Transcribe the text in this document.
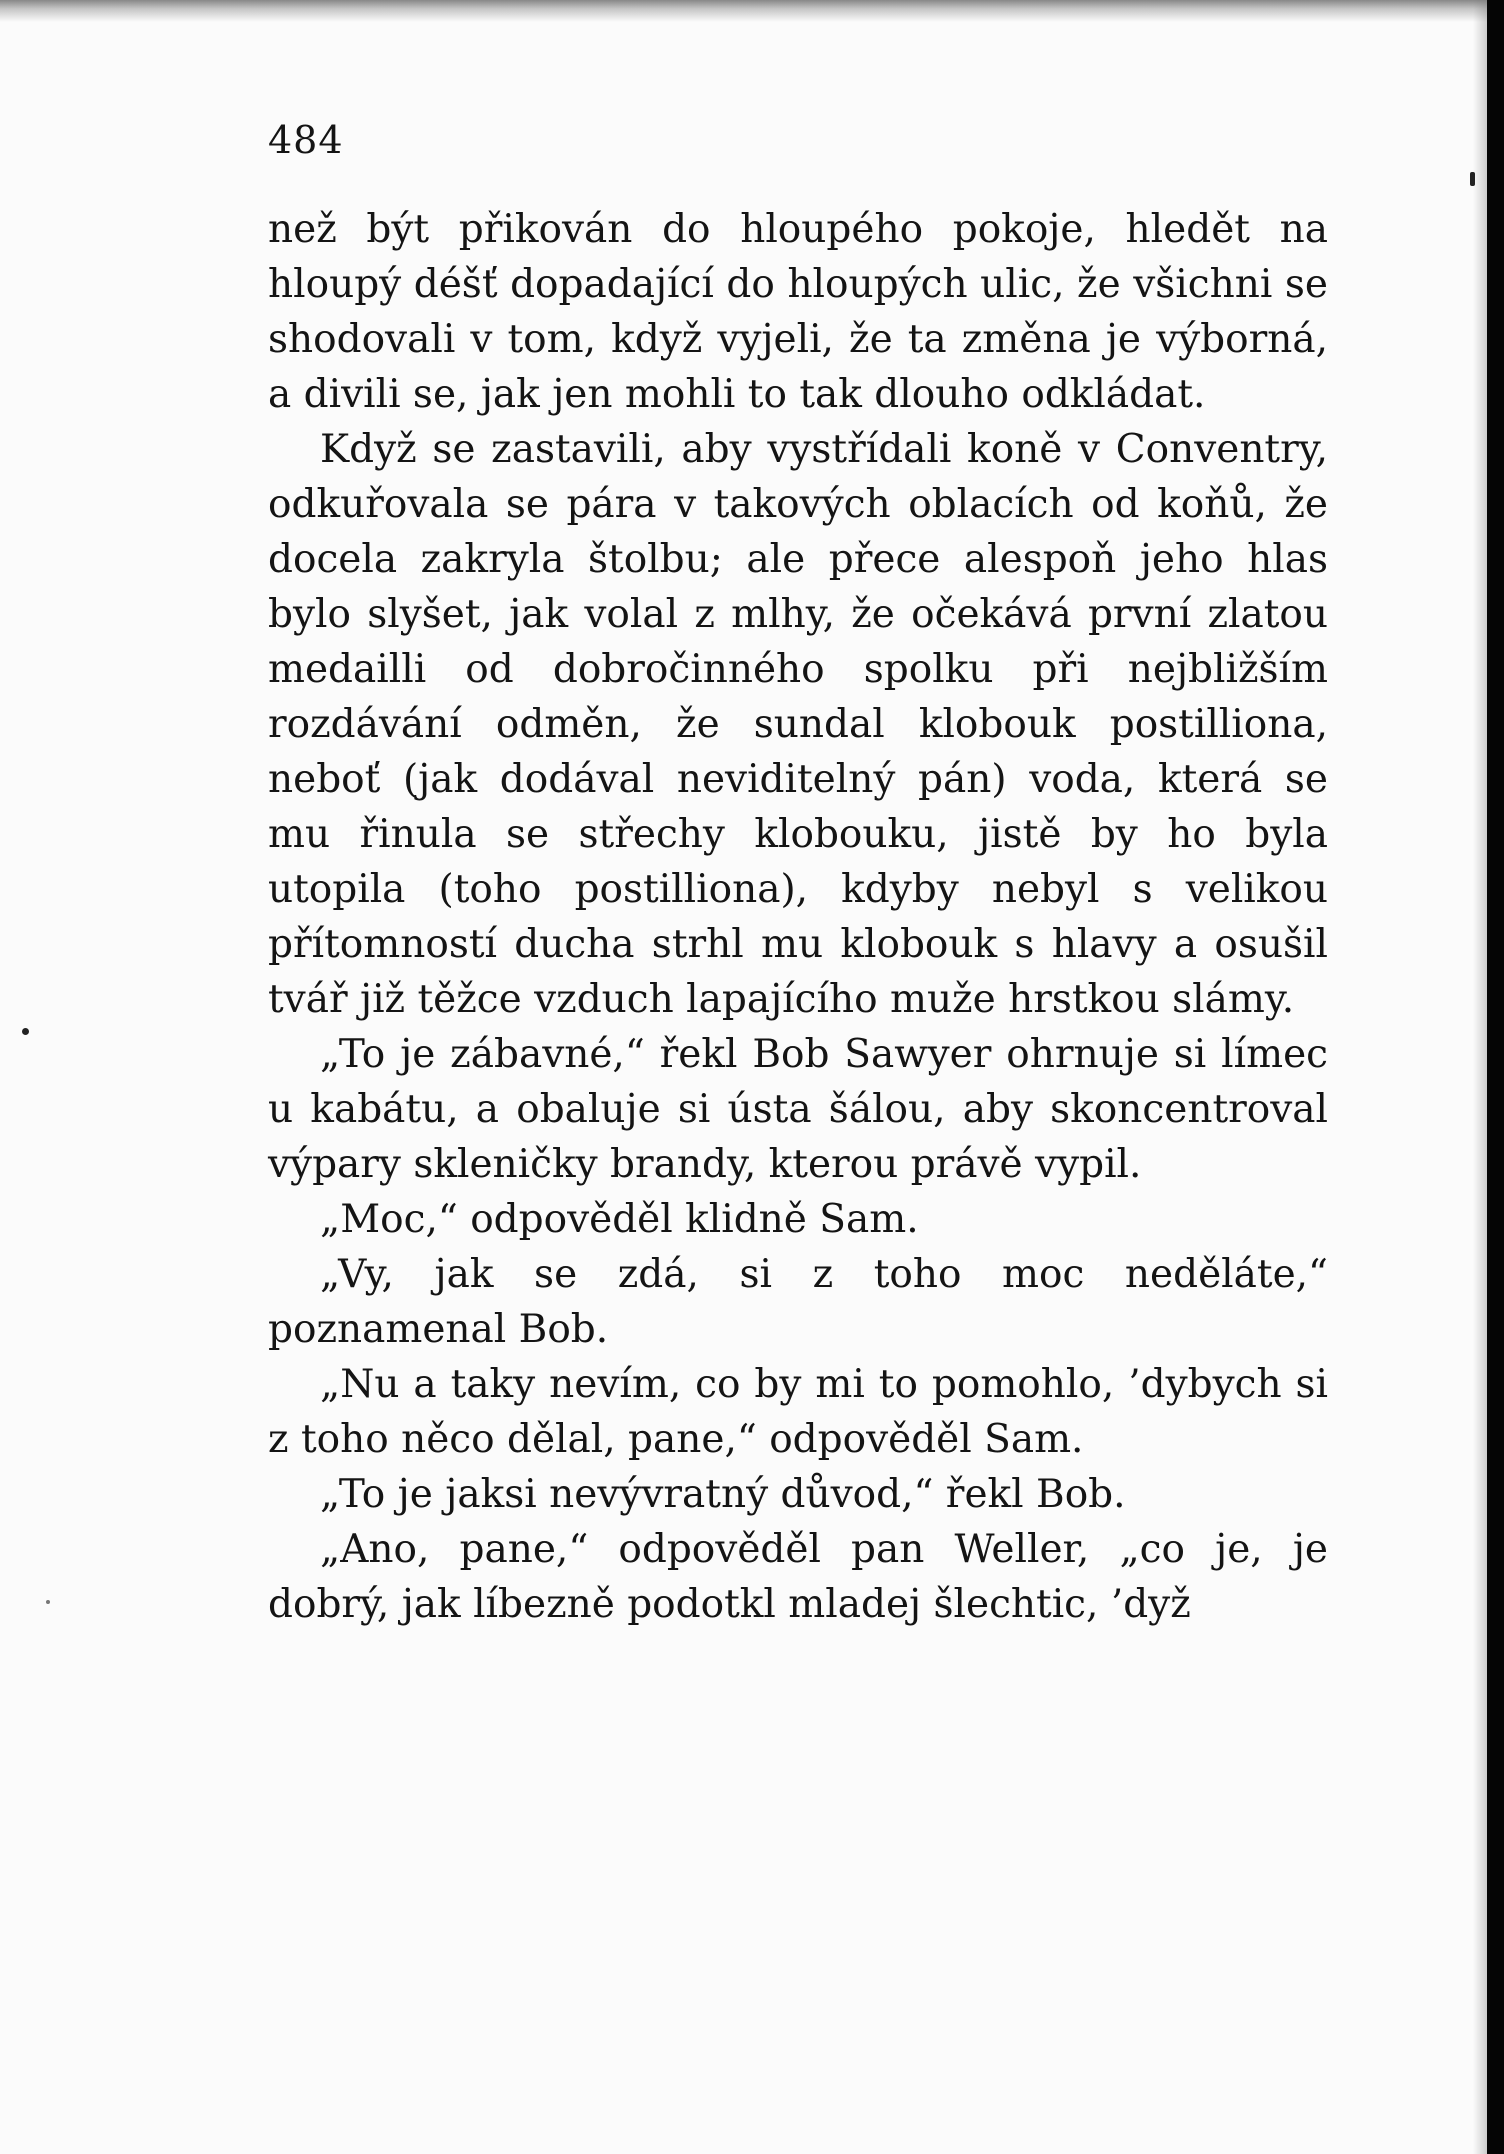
484

než být přikován do hloupého pokoje, hledět na hloupý déšť dopadající do hloupých ulic, že všichni se shodovali v tom, když vyjeli, že ta změna je výborná, a divili se, jak jen mohli to tak dlouho odkládat.

Když se zastavili, aby vystřídali koně v Conventry, odkuřovala se pára v takových oblacích od koňů, že docela zakryla štolbu; ale přece alespoň jeho hlas bylo slyšet, jak volal z mlhy, že očekává první zlatou medailli od dobročinného spolku při nejbližším rozdávání odměn, že sundal klobouk postilliona, neboť (jak dodával neviditelný pán) voda, která se mu řinula se střechy klobouku, jistě by ho byla utopila (toho postilliona), kdyby nebyl s velikou přítomností ducha strhl mu klobouk s hlavy a osušil tvář již těžce vzduch lapajícího muže hrstkou slámy.

„To je zábavné,“ řekl Bob Sawyer ohrnuje si límec u kabátu, a obaluje si ústa šálou, aby skoncentroval výpary skleničky brandy, kterou právě vypil.

„Moc,“ odpověděl klidně Sam.

„Vy, jak se zdá, si z toho moc neděláte,“ poznamenal Bob.

„Nu a taky nevím, co by mi to pomohlo, ’dybych si z toho něco dělal, pane,“ odpověděl Sam.

„To je jaksi nevývratný důvod,“ řekl Bob.

„Ano, pane,“ odpověděl pan Weller, „co je, je dobrý, jak líbezně podotkl mladej šlechtic, ’dyž
